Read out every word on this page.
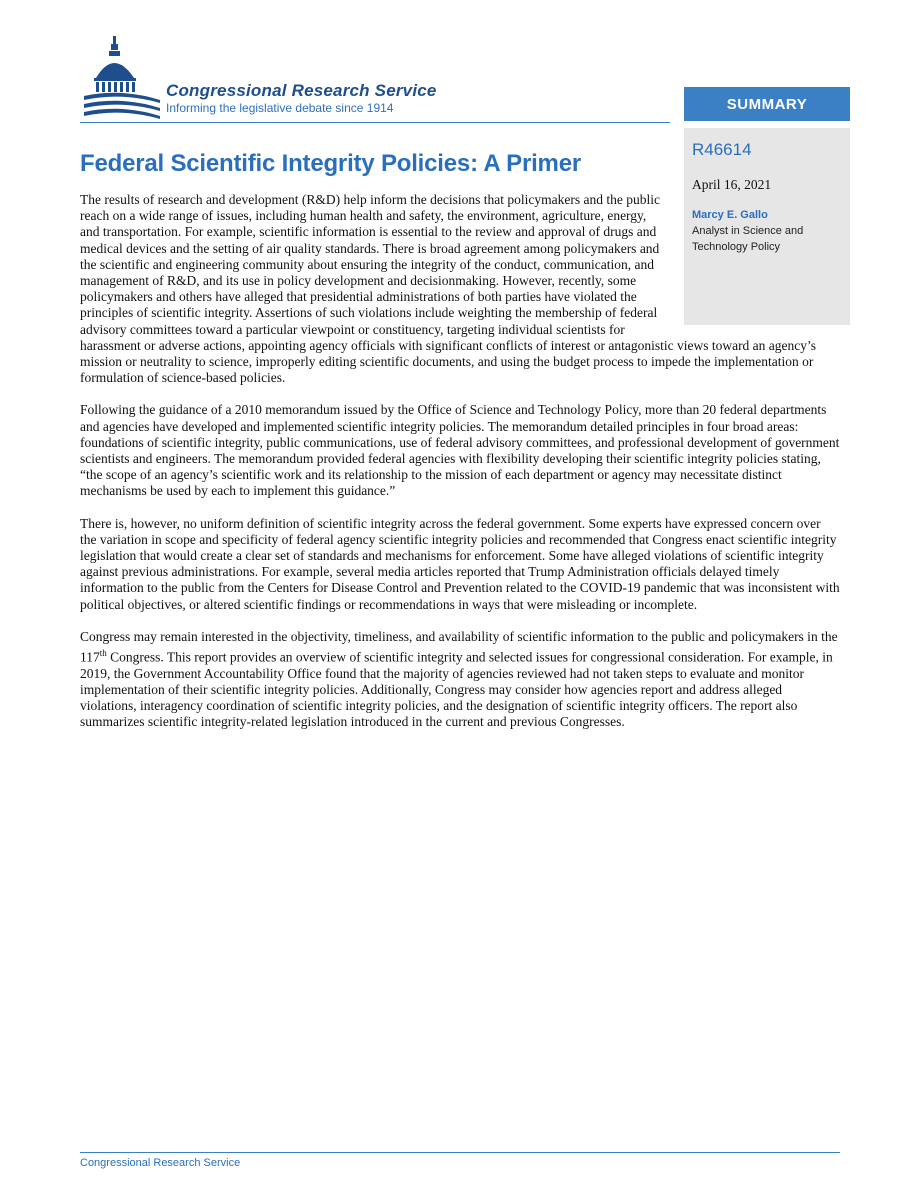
Congressional Research Service
Informing the legislative debate since 1914	SUMMARY
R46614
April 16, 2021
Marcy E. Gallo
Analyst in Science and Technology Policy
Federal Scientific Integrity Policies: A Primer

The results of research and development (R&D) help inform the decisions that policymakers and the public reach on a wide range of issues, including human health and safety, the environment, agriculture, energy, and transportation. For example, scientific information is essential to the review and approval of drugs and medical devices and the setting of air quality standards. There is broad agreement among policymakers and the scientific and engineering community about ensuring the integrity of the conduct, communication, and management of R&D, and its use in policy development and decisionmaking. However, recently, some policymakers and others have alleged that presidential administrations of both parties have violated the principles of scientific integrity. Assertions of such violations include weighting the membership of federal advisory committees toward a particular viewpoint or constituency, targeting individual scientists for harassment or adverse actions, appointing agency officials with significant conflicts of interest or antagonistic views toward an agency’s mission or neutrality to science, improperly editing scientific documents, and using the budget process to impede the implementation or formulation of science-based policies.

Following the guidance of a 2010 memorandum issued by the Office of Science and Technology Policy, more than 20 federal departments and agencies have developed and implemented scientific integrity policies. The memorandum detailed principles in four broad areas: foundations of scientific integrity, public communications, use of federal advisory committees, and professional development of government scientists and engineers. The memorandum provided federal agencies with flexibility developing their scientific integrity policies stating, “the scope of an agency’s scientific work and its relationship to the mission of each department or agency may necessitate distinct mechanisms be used by each to implement this guidance.”

There is, however, no uniform definition of scientific integrity across the federal government. Some experts have expressed concern over the variation in scope and specificity of federal agency scientific integrity policies and recommended that Congress enact scientific integrity legislation that would create a clear set of standards and mechanisms for enforcement. Some have alleged violations of scientific integrity against previous administrations. For example, several media articles reported that Trump Administration officials delayed timely information to the public from the Centers for Disease Control and Prevention related to the COVID-19 pandemic that was inconsistent with political objectives, or altered scientific findings or recommendations in ways that were misleading or incomplete.

Congress may remain interested in the objectivity, timeliness, and availability of scientific information to the public and policymakers in the 117th Congress. This report provides an overview of scientific integrity and selected issues for congressional consideration. For example, in 2019, the Government Accountability Office found that the majority of agencies reviewed had not taken steps to evaluate and monitor implementation of their scientific integrity policies. Additionally, Congress may consider how agencies report and address alleged violations, interagency coordination of scientific integrity policies, and the designation of scientific integrity officers. The report also summarizes scientific integrity-related legislation introduced in the current and previous Congresses.

Congressional Research Service
